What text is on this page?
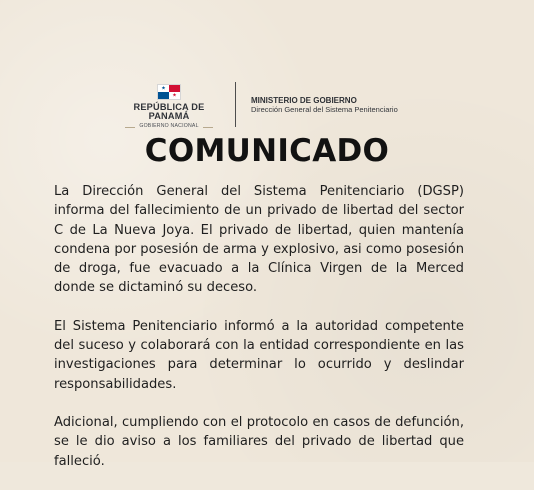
★
★
REPÚBLICA DE PANAMÁ
GOBIERNO NACIONAL
MINISTERIO DE GOBIERNO
Dirección General del Sistema Penitenciario
COMUNICADO

La Dirección General del Sistema Penitenciario (DGSP) informa del fallecimiento de un privado de libertad del sector C de La Nueva Joya. El privado de libertad, quien mantenía condena por posesión de arma y explosivo, asi como posesión de droga, fue evacuado a la Clínica Virgen de la Merced donde se dictaminó su deceso.

El Sistema Penitenciario informó a la autoridad competente del suceso y colaborará con la entidad correspondiente en las investigaciones para determinar lo ocurrido y deslindar responsabilidades.

Adicional, cumpliendo con el protocolo en casos de defunción, se le dio aviso a los familiares del privado de libertad que falleció.
